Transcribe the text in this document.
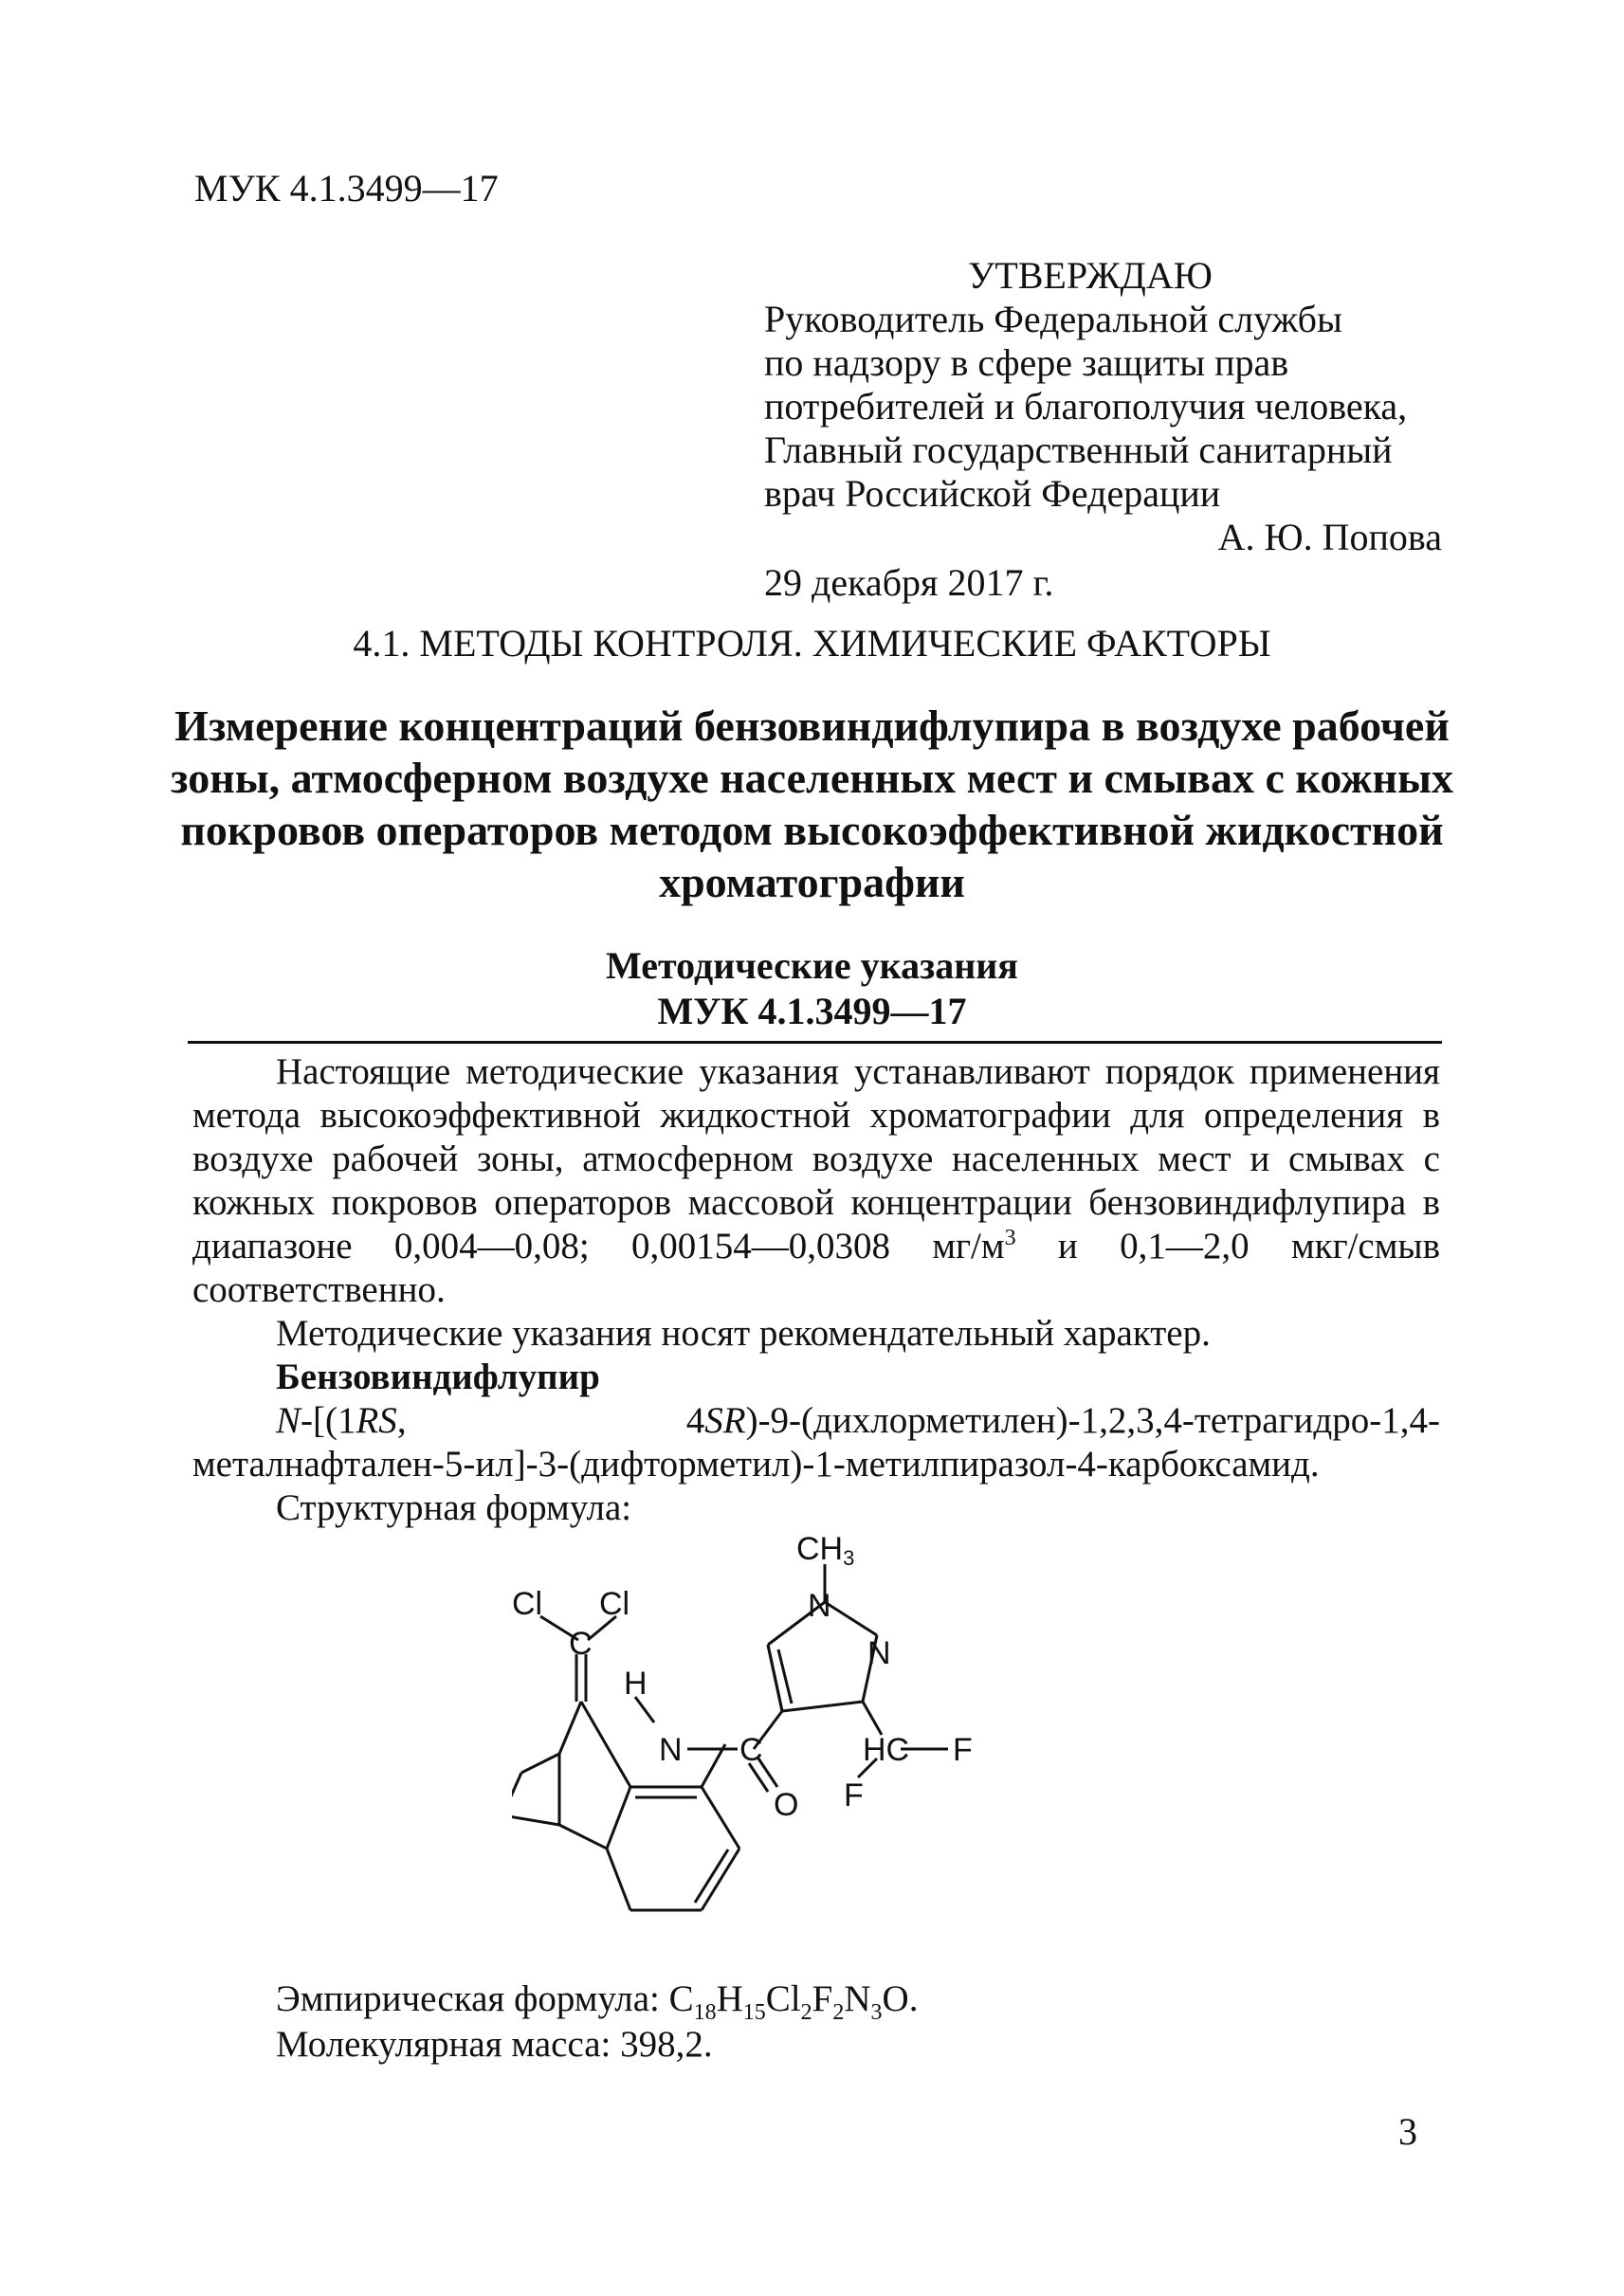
МУК 4.1.3499—17
УТВЕРЖДАЮ
Руководитель Федеральной службы
по надзору в сфере защиты прав
потребителей и благополучия человека,
Главный государственный санитарный
врач Российской Федерации
А. Ю. Попова
29 декабря 2017 г.
4.1. МЕТОДЫ КОНТРОЛЯ. ХИМИЧЕСКИЕ ФАКТОРЫ
Измерение концентраций бензовиндифлупира в воздухе рабочей зоны, атмосферном воздухе населенных мест и смывах с кожных покровов операторов методом высокоэффективной жидкостной хроматографии
Методические указания
МУК 4.1.3499—17

Настоящие методические указания устанавливают порядок применения метода высокоэффективной жидкостной хроматографии для определения в воздухе рабочей зоны, атмосферном воздухе населенных мест и смывах с кожных покровов операторов массовой концентрации бензовиндифлупира в диапазоне 0,004—0,08; 0,00154—0,0308 $мг/м^3$ и 0,1—2,0 мкг/смыв соответственно.

Методические указания носят рекомендательный характер.

Бензовиндифлупир

N-[(1RS, 4SR)-9-(дихлорметилен)-1,2,3,4-тетрагидро-1,4-металнафтален-5-ил]-3-(дифторметил)-1-метилпиразол-4-карбоксамид.

Структурная формула:

Cl Cl
C
CH3
N
N
H
N C
O
HC F
F
Эмпирическая формула: $C_{18}H_{15}Cl_2F_2N_3O$.
Молекулярная масса: 398,2.
3
